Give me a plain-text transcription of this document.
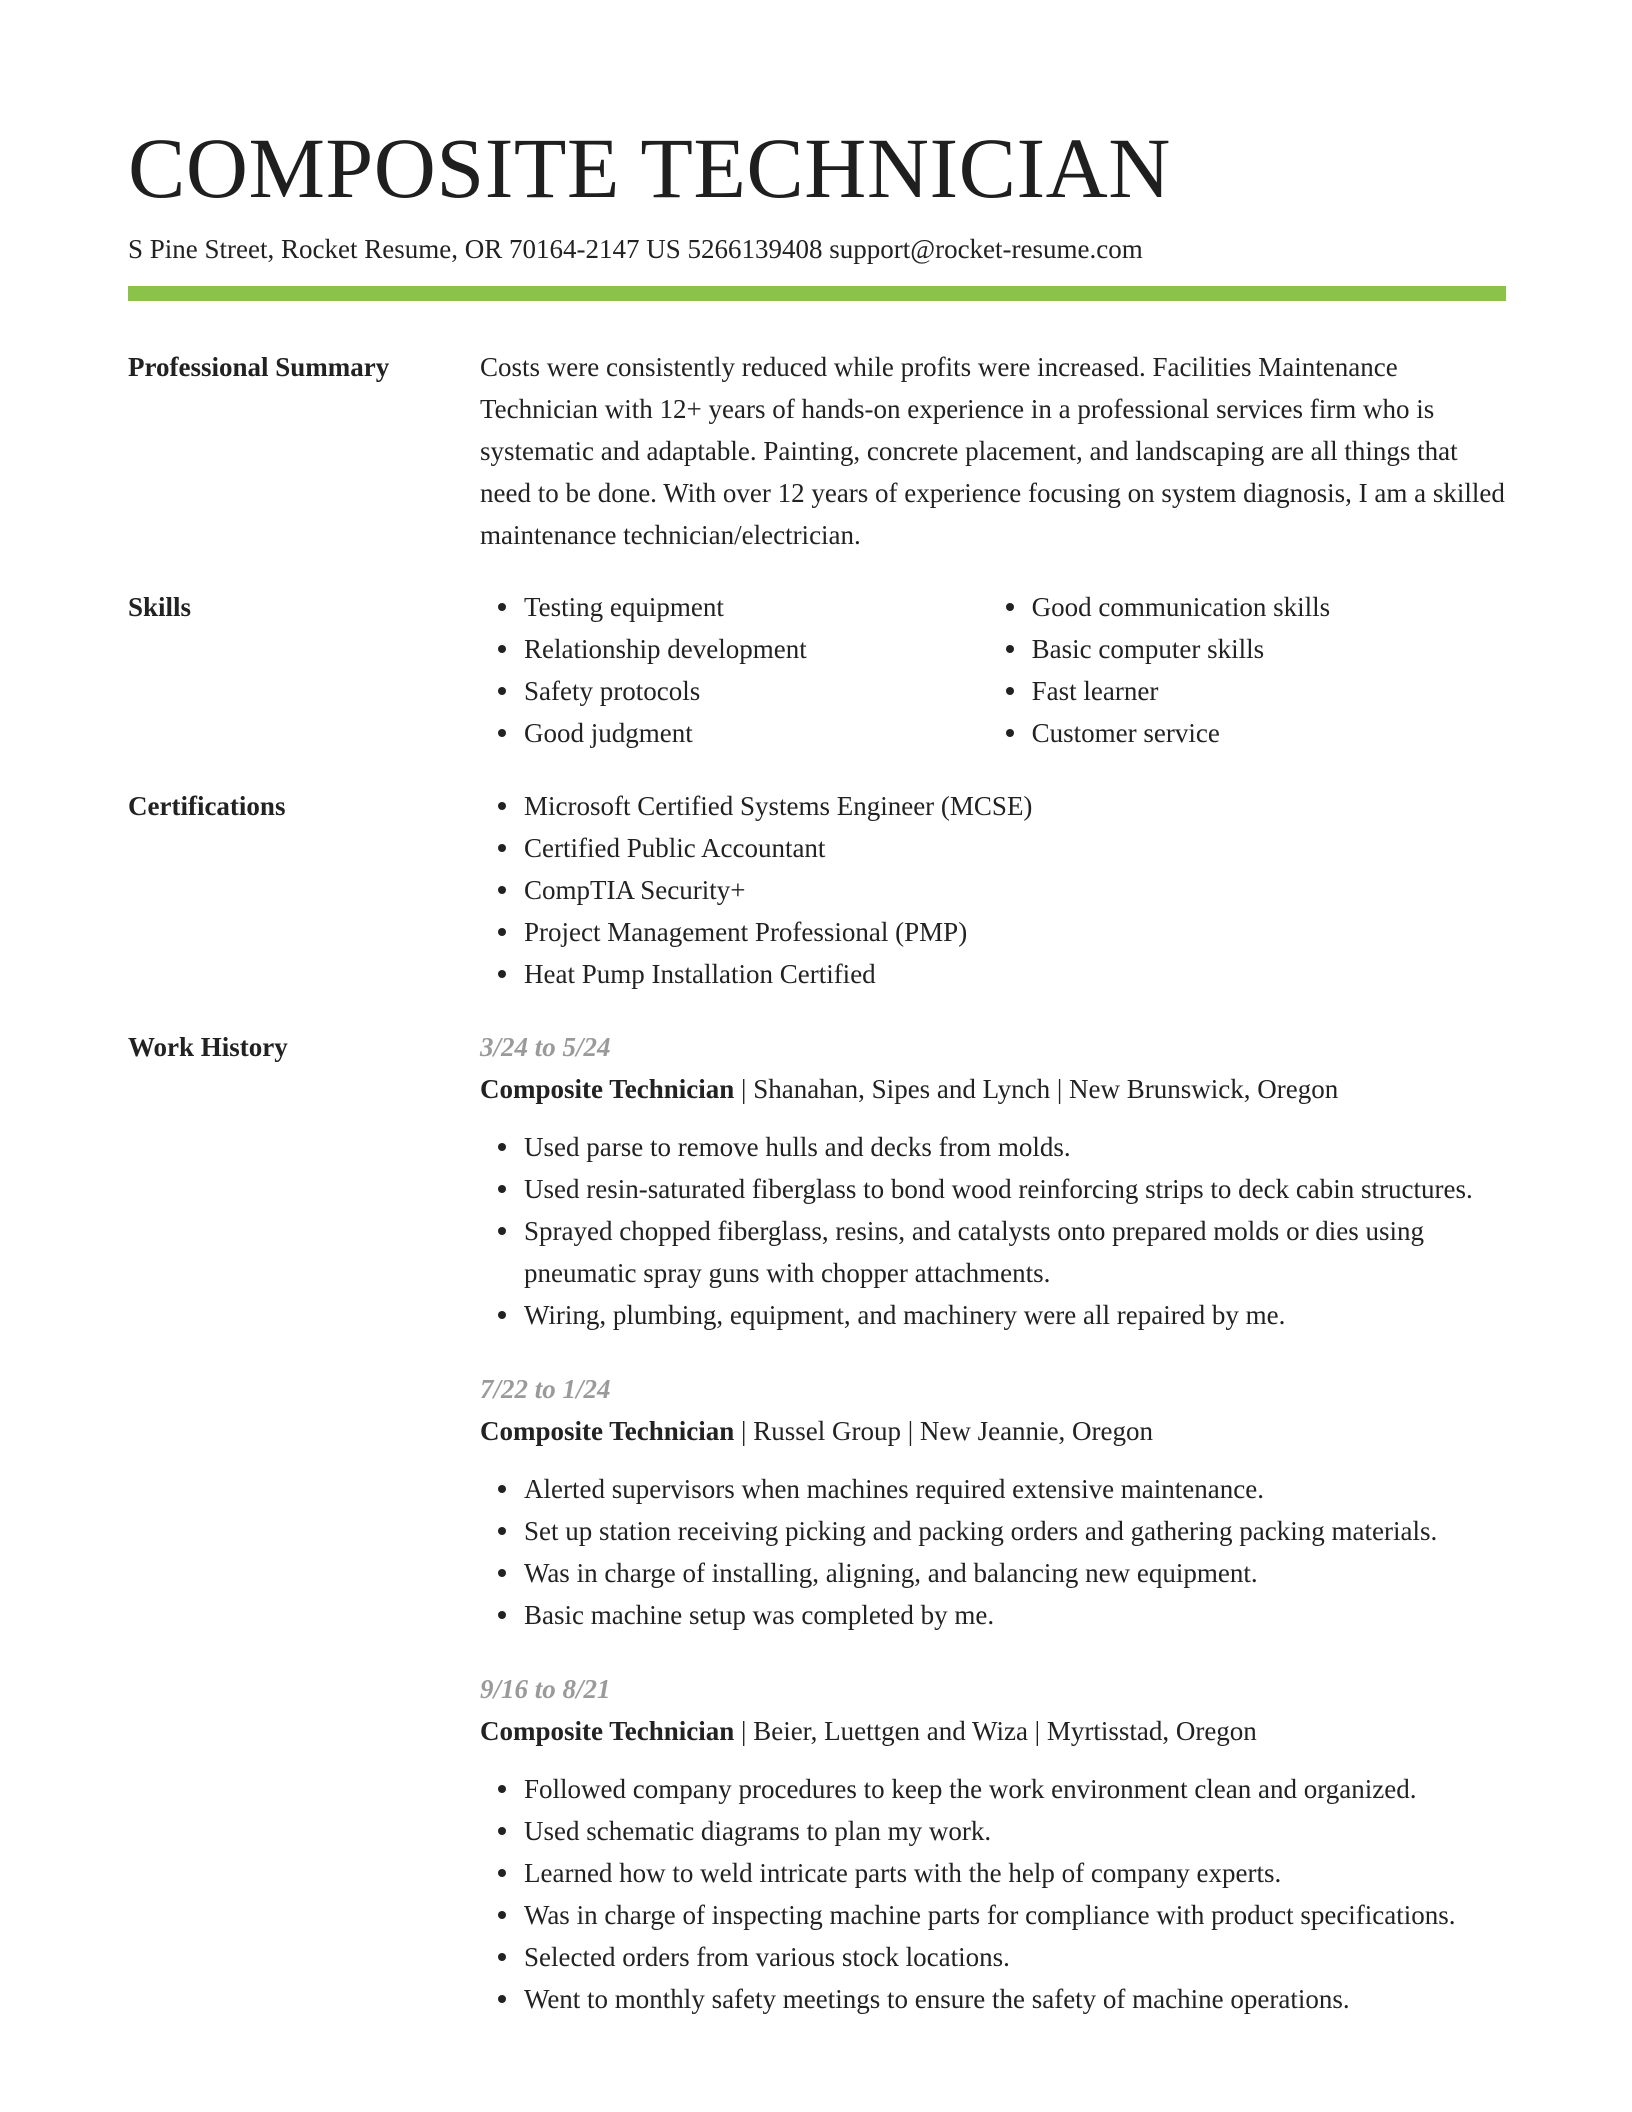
COMPOSITE TECHNICIAN
S Pine Street, Rocket Resume, OR 70164-2147 US 5266139408 support@rocket-resume.com
Professional Summary	Costs were consistently reduced while profits were increased. Facilities Maintenance Technician with 12+ years of hands-on experience in a professional services firm who is systematic and adaptable. Painting, concrete placement, and landscaping are all things that need to be done. With over 12 years of experience focusing on system diagnosis, I am a skilled maintenance technician/electrician.

Skills	Testing equipment
Relationship development
Safety protocols
Good judgment
Good communication skills
Basic computer skills
Fast learner
Customer service
Certifications	Microsoft Certified Systems Engineer (MCSE)
Certified Public Accountant
CompTIA Security+
Project Management Professional (PMP)
Heat Pump Installation Certified
Work History	3/24 to 5/24
Composite Technician | Shanahan, Sipes and Lynch | New Brunswick, Oregon
Used parse to remove hulls and decks from molds.
Used resin-saturated fiberglass to bond wood reinforcing strips to deck cabin structures.
Sprayed chopped fiberglass, resins, and catalysts onto prepared molds or dies using pneumatic spray guns with chopper attachments.
Wiring, plumbing, equipment, and machinery were all repaired by me.
7/22 to 1/24
Composite Technician | Russel Group | New Jeannie, Oregon
Alerted supervisors when machines required extensive maintenance.
Set up station receiving picking and packing orders and gathering packing materials.
Was in charge of installing, aligning, and balancing new equipment.
Basic machine setup was completed by me.
9/16 to 8/21
Composite Technician | Beier, Luettgen and Wiza | Myrtisstad, Oregon
Followed company procedures to keep the work environment clean and organized.
Used schematic diagrams to plan my work.
Learned how to weld intricate parts with the help of company experts.
Was in charge of inspecting machine parts for compliance with product specifications.
Selected orders from various stock locations.
Went to monthly safety meetings to ensure the safety of machine operations.
